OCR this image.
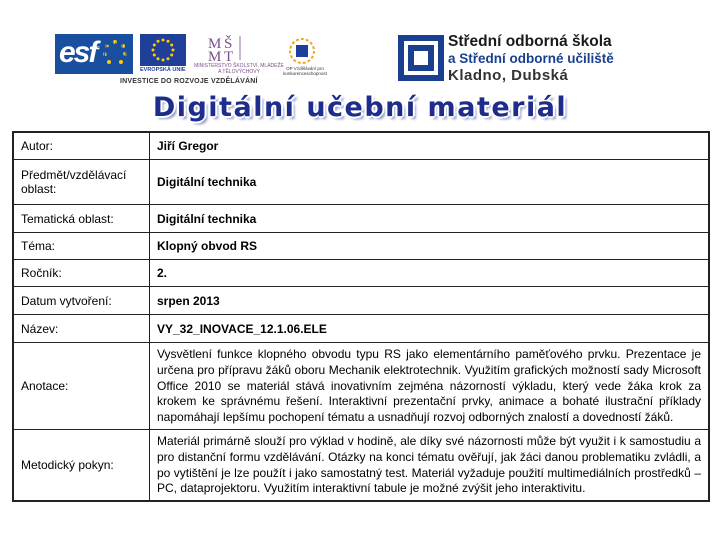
esf evropský
sociální
fond v ČR
EVROPSKÁ UNIE
M Š
M T
MINISTERSTVO ŠKOLSTVÍ, MLÁDEŽE A TĚLOVÝCHOVY
OP Vzdělávání pro konkurenceschopnost
INVESTICE DO ROZVOJE VZDĚLÁVÁNÍ
Střední odborná škola
a Střední odborné učiliště
Kladno, Dubská
Digitální učební materiál
Autor:	Jiří Gregor
Předmět/vzdělávací oblast:	Digitální technika
Tematická oblast:	Digitální technika
Téma:	Klopný obvod RS
Ročník:	2.
Datum vytvoření:	srpen 2013
Název:	VY_32_INOVACE_12.1.06.ELE
Anotace:	Vysvětlení funkce klopného obvodu typu RS jako elementárního paměťového prvku. Prezentace je určena pro přípravu žáků oboru Mechanik elektrotechnik. Využitím grafických možností sady Microsoft Office 2010 se materiál stává inovativním zejména názorností výkladu, který vede žáka krok za krokem ke správnému řešení. Interaktivní prezentační prvky, animace a bohaté ilustrační příklady napomáhají lepšímu pochopení tématu a usnadňují rozvoj odborných znalostí a dovedností žáků.
Metodický pokyn:	Materiál primárně slouží pro výklad v hodině, ale díky své názornosti může být využit i k samostudiu a pro distanční formu vzdělávání. Otázky na konci tématu ověřují, jak žáci danou problematiku zvládli, a po vytištění je lze použít i jako samostatný test. Materiál vyžaduje použití multimediálních prostředků – PC, dataprojektoru. Využitím interaktivní tabule je možné zvýšit jeho interaktivitu.
